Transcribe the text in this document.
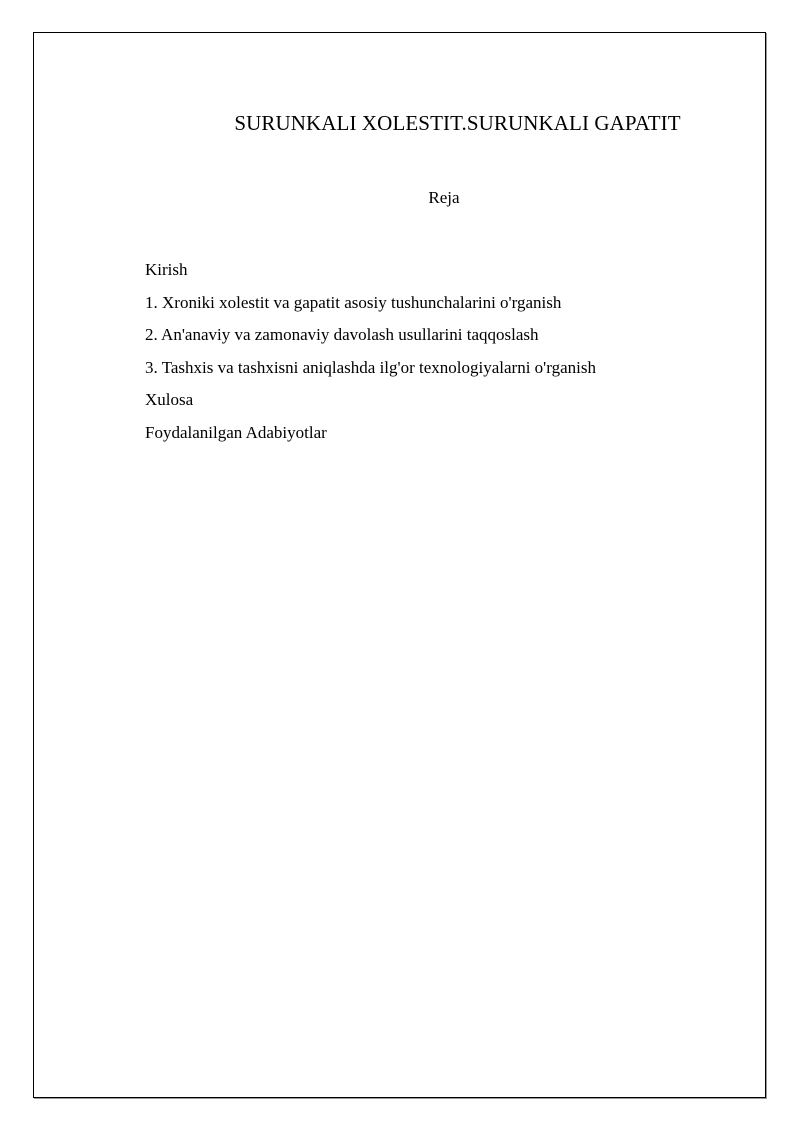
SURUNKALI XOLESTIT.SURUNKALI GAPATIT
Reja
Kirish
1. Xroniki xolestit va gapatit asosiy tushunchalarini o'rganish
2. An'anaviy va zamonaviy davolash usullarini taqqoslash
3. Tashxis va tashxisni aniqlashda ilg'or texnologiyalarni o'rganish
Xulosa
Foydalanilgan Adabiyotlar
